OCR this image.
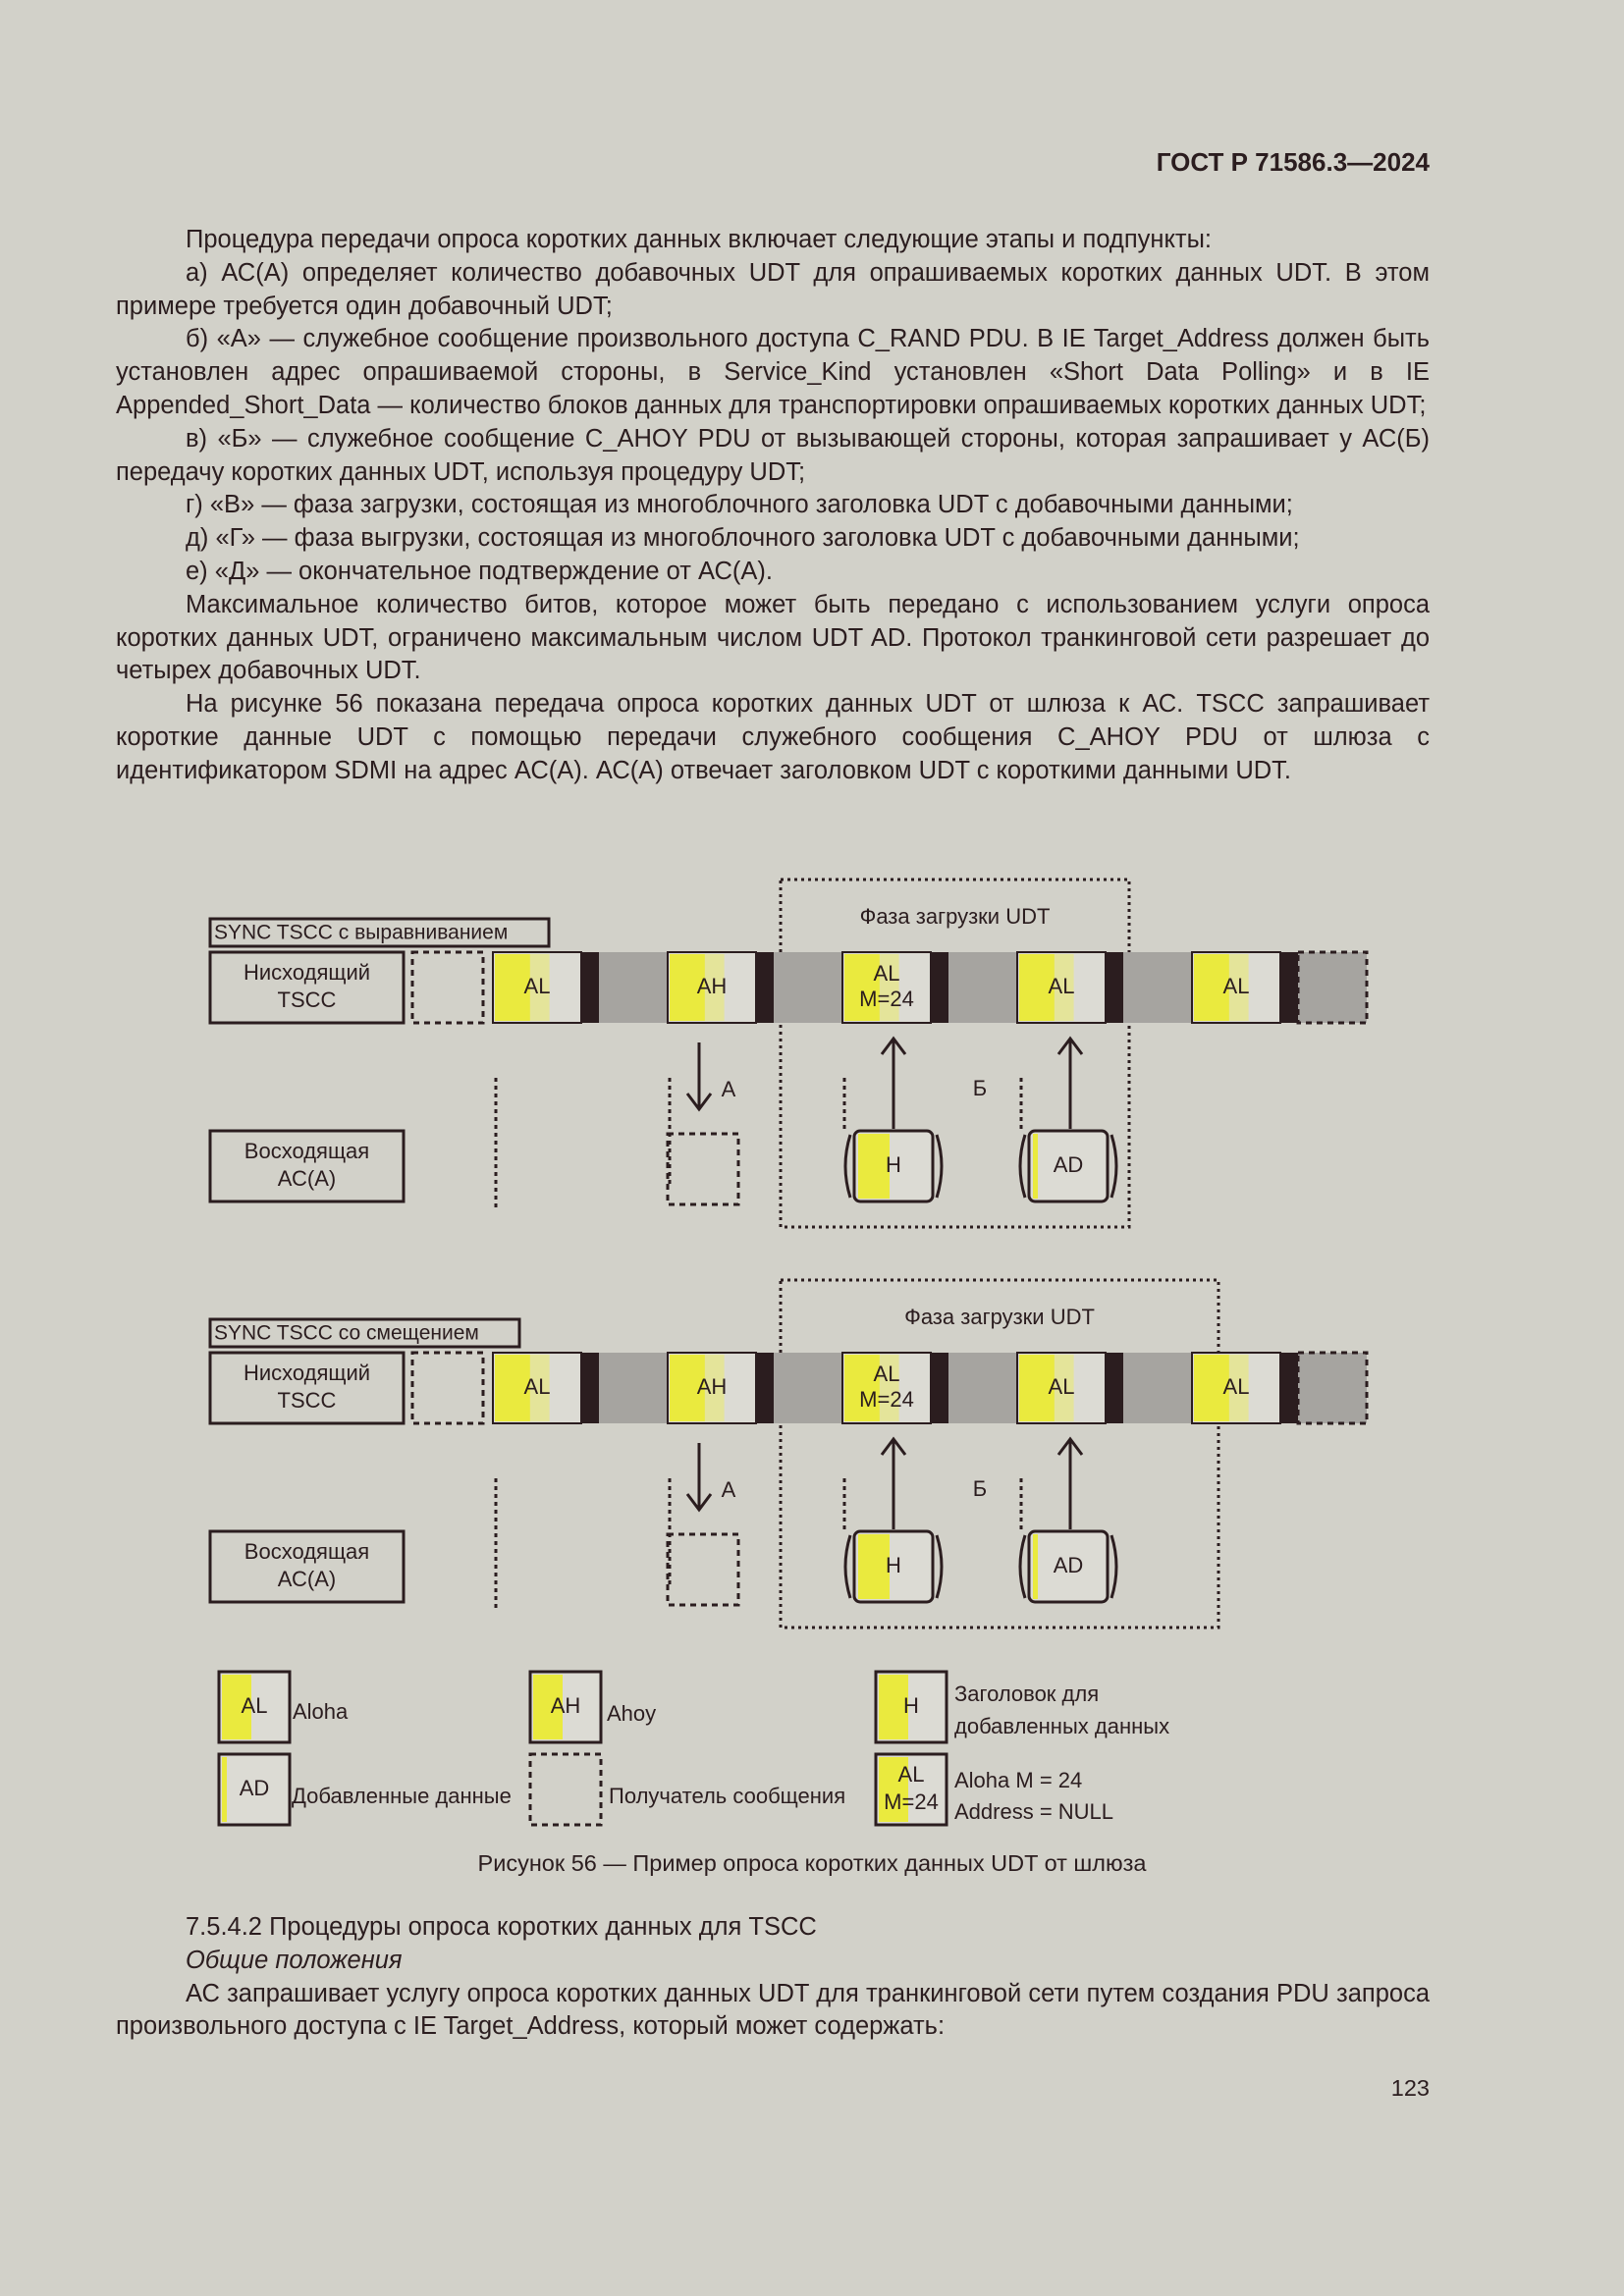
ГОСТ Р 71586.3—2024

Процедура передачи опроса коротких данных включает следующие этапы и подпункты:

а) АС(А) определяет количество добавочных UDT для опрашиваемых коротких данных UDT. В этом примере требуется один добавочный UDT;

б) «А» — служебное сообщение произвольного доступа C_RAND PDU. В IE Target_Address должен быть установлен адрес опрашиваемой стороны, в Service_Kind установлен «Short Data Polling» и в IE Appended_Short_Data — количество блоков данных для транспортировки опрашиваемых коротких данных UDT;

в) «Б» — служебное сообщение C_AHOY PDU от вызывающей стороны, которая запрашивает у АС(Б) передачу коротких данных UDT, используя процедуру UDT;

г) «В» — фаза загрузки, состоящая из многоблочного заголовка UDT с добавочными данными;

д) «Г» — фаза выгрузки, состоящая из многоблочного заголовка UDT с добавочными данными;

е) «Д» — окончательное подтверждение от АС(А).

Максимальное количество битов, которое может быть передано с использованием услуги опроса коротких данных UDT, ограничено максимальным числом UDT AD. Протокол транкинговой сети разрешает до четырех добавочных UDT.

На рисунке 56 показана передача опроса коротких данных UDT от шлюза к АС. TSCC запрашивает короткие данные UDT с помощью передачи служебного сообщения C_AHOY PDU от шлюза с идентификатором SDMI на адрес АС(А). АС(А) отвечает заголовком UDT с короткими данными UDT.

SYNC TSCC с выравниванием
Фаза загрузки UDT
Нисходящий
TSCC
AL	AH
AL
M=24
AL	AL
Восходящая
АС(А)
А	Б
H	AD
SYNC TSCC со смещением
Фаза загрузки UDT
Нисходящий
TSCC
AL	AH
AL
M=24
AL	AL
Восходящая
АС(А)
А	Б
H	AD
AL Aloha	AH Ahoy	H Заголовок для
добавленных данных
AD Добавленные данные	Получатель сообщения
AL
M=24
Aloha M = 24
Address = NULL
Рисунок 56 — Пример опроса коротких данных UDT от шлюза

7.5.4.2 Процедуры опроса коротких данных для TSCC

Общие положения

АС запрашивает услугу опроса коротких данных UDT для транкинговой сети путем создания PDU запроса произвольного доступа с IE Target_Address, который может содержать:

123
